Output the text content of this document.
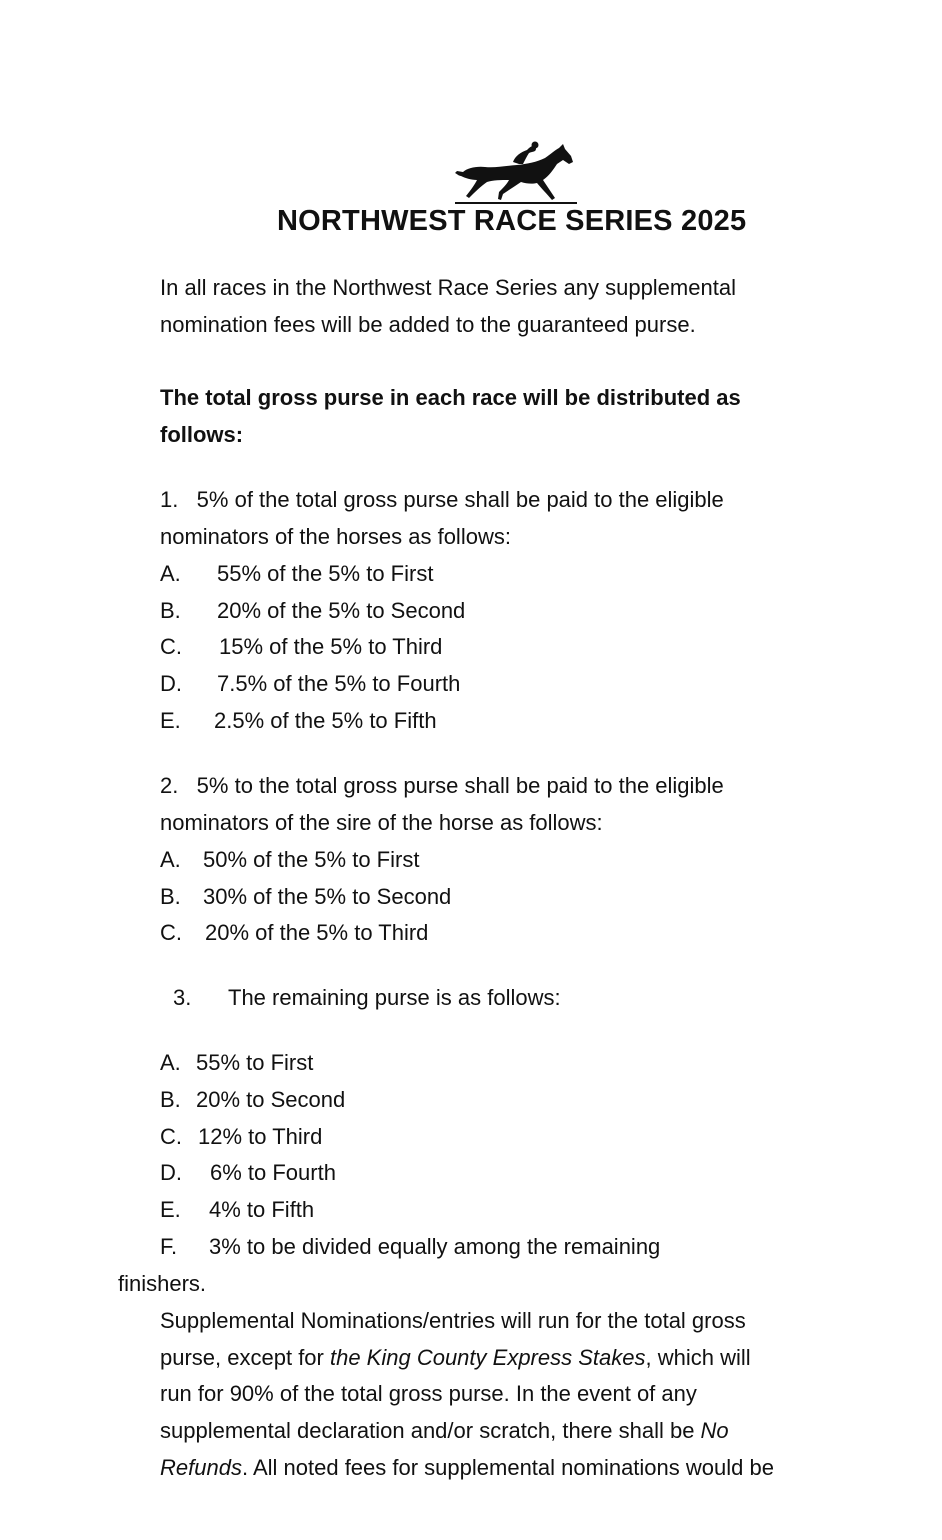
NORTHWEST RACE SERIES 2025
In all races in the Northwest Race Series any supplemental
nomination fees will be added to the guaranteed purse.
The total gross purse in each race will be distributed as
follows:
1.   5% of the total gross purse shall be paid to the eligible
nominators of the horses as follows:
A. 55% of the 5% to First
B. 20% of the 5% to Second
C. 15% of the 5% to Third
D. 7.5% of the 5% to Fourth
E. 2.5% of the 5% to Fifth
2.   5% to the total gross purse shall be paid to the eligible
nominators of the sire of the horse as follows:
A. 50% of the 5% to First
B. 30% of the 5% to Second
C. 20% of the 5% to Third
3. The remaining purse is as follows:
A. 55% to First
B. 20% to Second
C. 12% to Third
D. 6% to Fourth
E. 4% to Fifth
F. 3% to be divided equally among the remaining
finishers.
Supplemental Nominations/entries will run for the total gross
purse, except for the King County Express Stakes, which will
run for 90% of the total gross purse. In the event of any
supplemental declaration and/or scratch, there shall be No
Refunds. All noted fees for supplemental nominations would be
